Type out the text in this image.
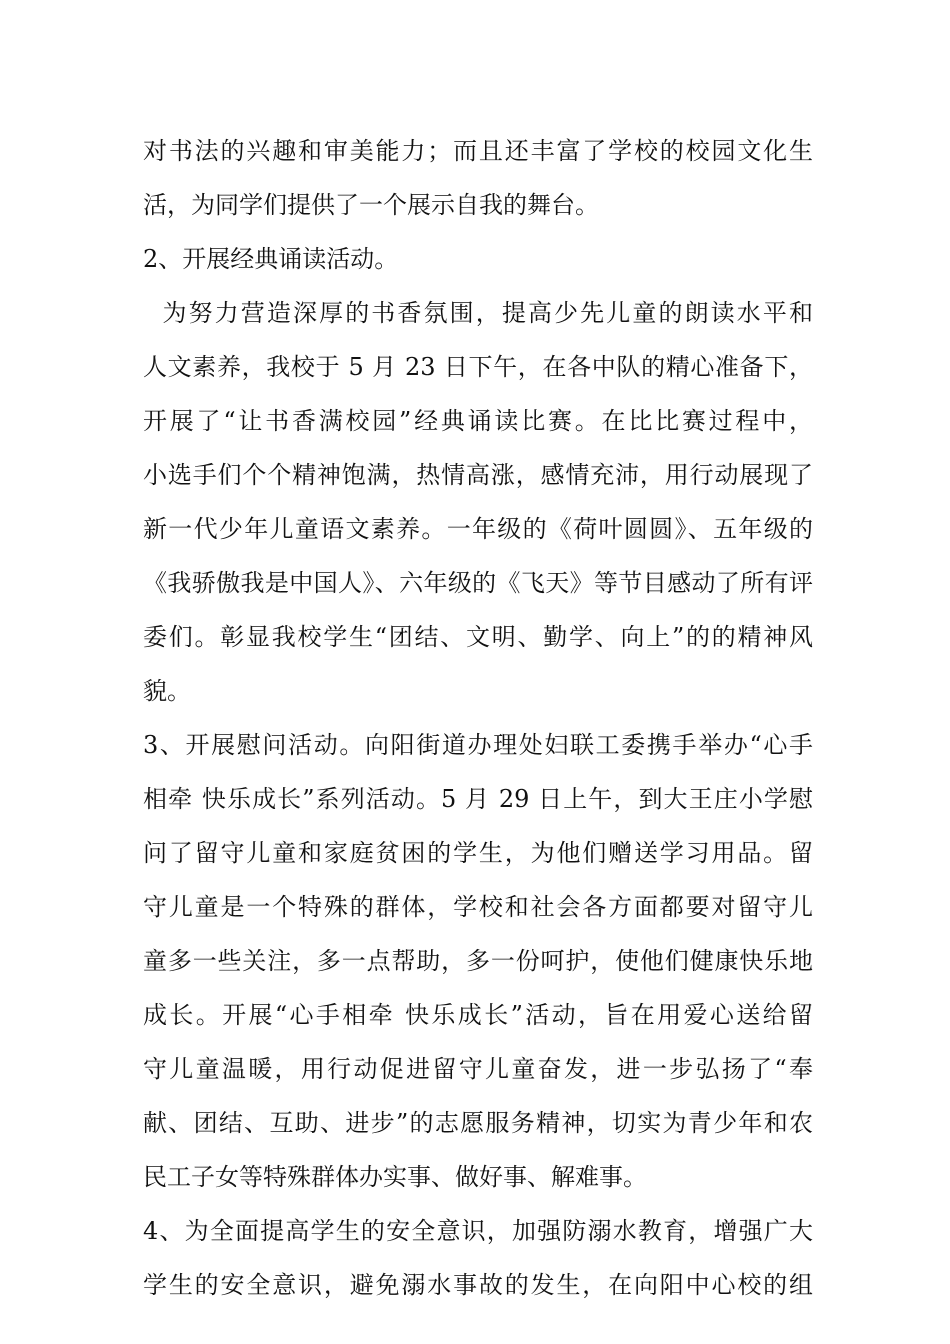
对书法的兴趣和审美能力；而且还丰富了学校的校园文化生
活，为同学们提供了一个展示自我的舞台。
2、开展经典诵读活动。
为努力营造深厚的书香氛围，提高少先儿童的朗读水平和
人文素养，我校于 5 月 23 日下午，在各中队的精心准备下，
开展了“让书香满校园”经典诵读比赛。在比比赛过程中，
小选手们个个精神饱满，热情高涨，感情充沛，用行动展现了
新一代少年儿童语文素养。一年级的《荷叶圆圆》、五年级的
《我骄傲我是中国人》、六年级的《飞天》等节目感动了所有评
委们。彰显我校学生“团结、文明、勤学、向上”的的精神风
貌。
3、开展慰问活动。向阳街道办理处妇联工委携手举办“心手
相牵 快乐成长”系列活动。5 月 29 日上午，到大王庄小学慰
问了留守儿童和家庭贫困的学生，为他们赠送学习用品。留
守儿童是一个特殊的群体，学校和社会各方面都要对留守儿
童多一些关注，多一点帮助，多一份呵护，使他们健康快乐地
成长。开展“心手相牵 快乐成长”活动，旨在用爱心送给留
守儿童温暖，用行动促进留守儿童奋发，进一步弘扬了“奉
献、团结、互助、进步”的志愿服务精神，切实为青少年和农
民工子女等特殊群体办实事、做好事、解难事。
4、为全面提高学生的安全意识，加强防溺水教育，增强广大
学生的安全意识，避免溺水事故的发生，在向阳中心校的组
